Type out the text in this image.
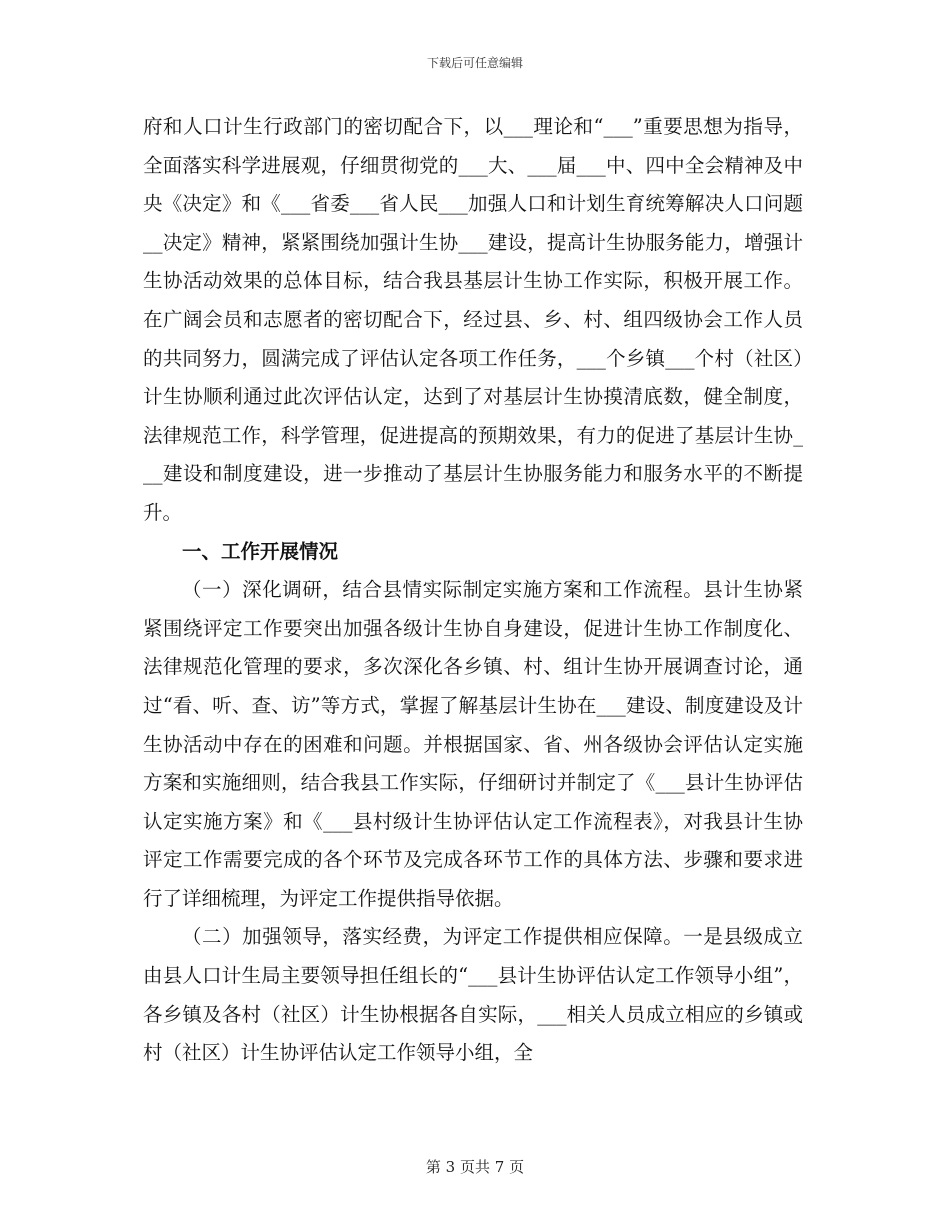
下载后可任意编辑

府和人口计生行政部门的密切配合下，以___理论和“___”重要思想为指导，全面落实科学进展观，仔细贯彻党的___大、___届___中、四中全会精神及中央《决定》和《___省委___省人民___加强人口和计划生育统筹解决人口问题__决定》精神，紧紧围绕加强计生协___建设，提高计生协服务能力，增强计生协活动效果的总体目标，结合我县基层计生协工作实际，积极开展工作。在广阔会员和志愿者的密切配合下，经过县、乡、村、组四级协会工作人员的共同努力，圆满完成了评估认定各项工作任务，___个乡镇___个村（社区）计生协顺利通过此次评估认定，达到了对基层计生协摸清底数，健全制度，法律规范工作，科学管理，促进提高的预期效果，有力的促进了基层计生协___建设和制度建设，进一步推动了基层计生协服务能力和服务水平的不断提升。

一、工作开展情况

（一）深化调研，结合县情实际制定实施方案和工作流程。县计生协紧紧围绕评定工作要突出加强各级计生协自身建设，促进计生协工作制度化、法律规范化管理的要求，多次深化各乡镇、村、组计生协开展调查讨论，通过“看、听、查、访”等方式，掌握了解基层计生协在___建设、制度建设及计生协活动中存在的困难和问题。并根据国家、省、州各级协会评估认定实施方案和实施细则，结合我县工作实际，仔细研讨并制定了《___县计生协评估认定实施方案》和《___县村级计生协评估认定工作流程表》，对我县计生协评定工作需要完成的各个环节及完成各环节工作的具体方法、步骤和要求进行了详细梳理，为评定工作提供指导依据。

（二）加强领导，落实经费，为评定工作提供相应保障。一是县级成立由县人口计生局主要领导担任组长的“___县计生协评估认定工作领导小组”，各乡镇及各村（社区）计生协根据各自实际，___相关人员成立相应的乡镇或村（社区）计生协评估认定工作领导小组，全

第 3 页共 7 页
